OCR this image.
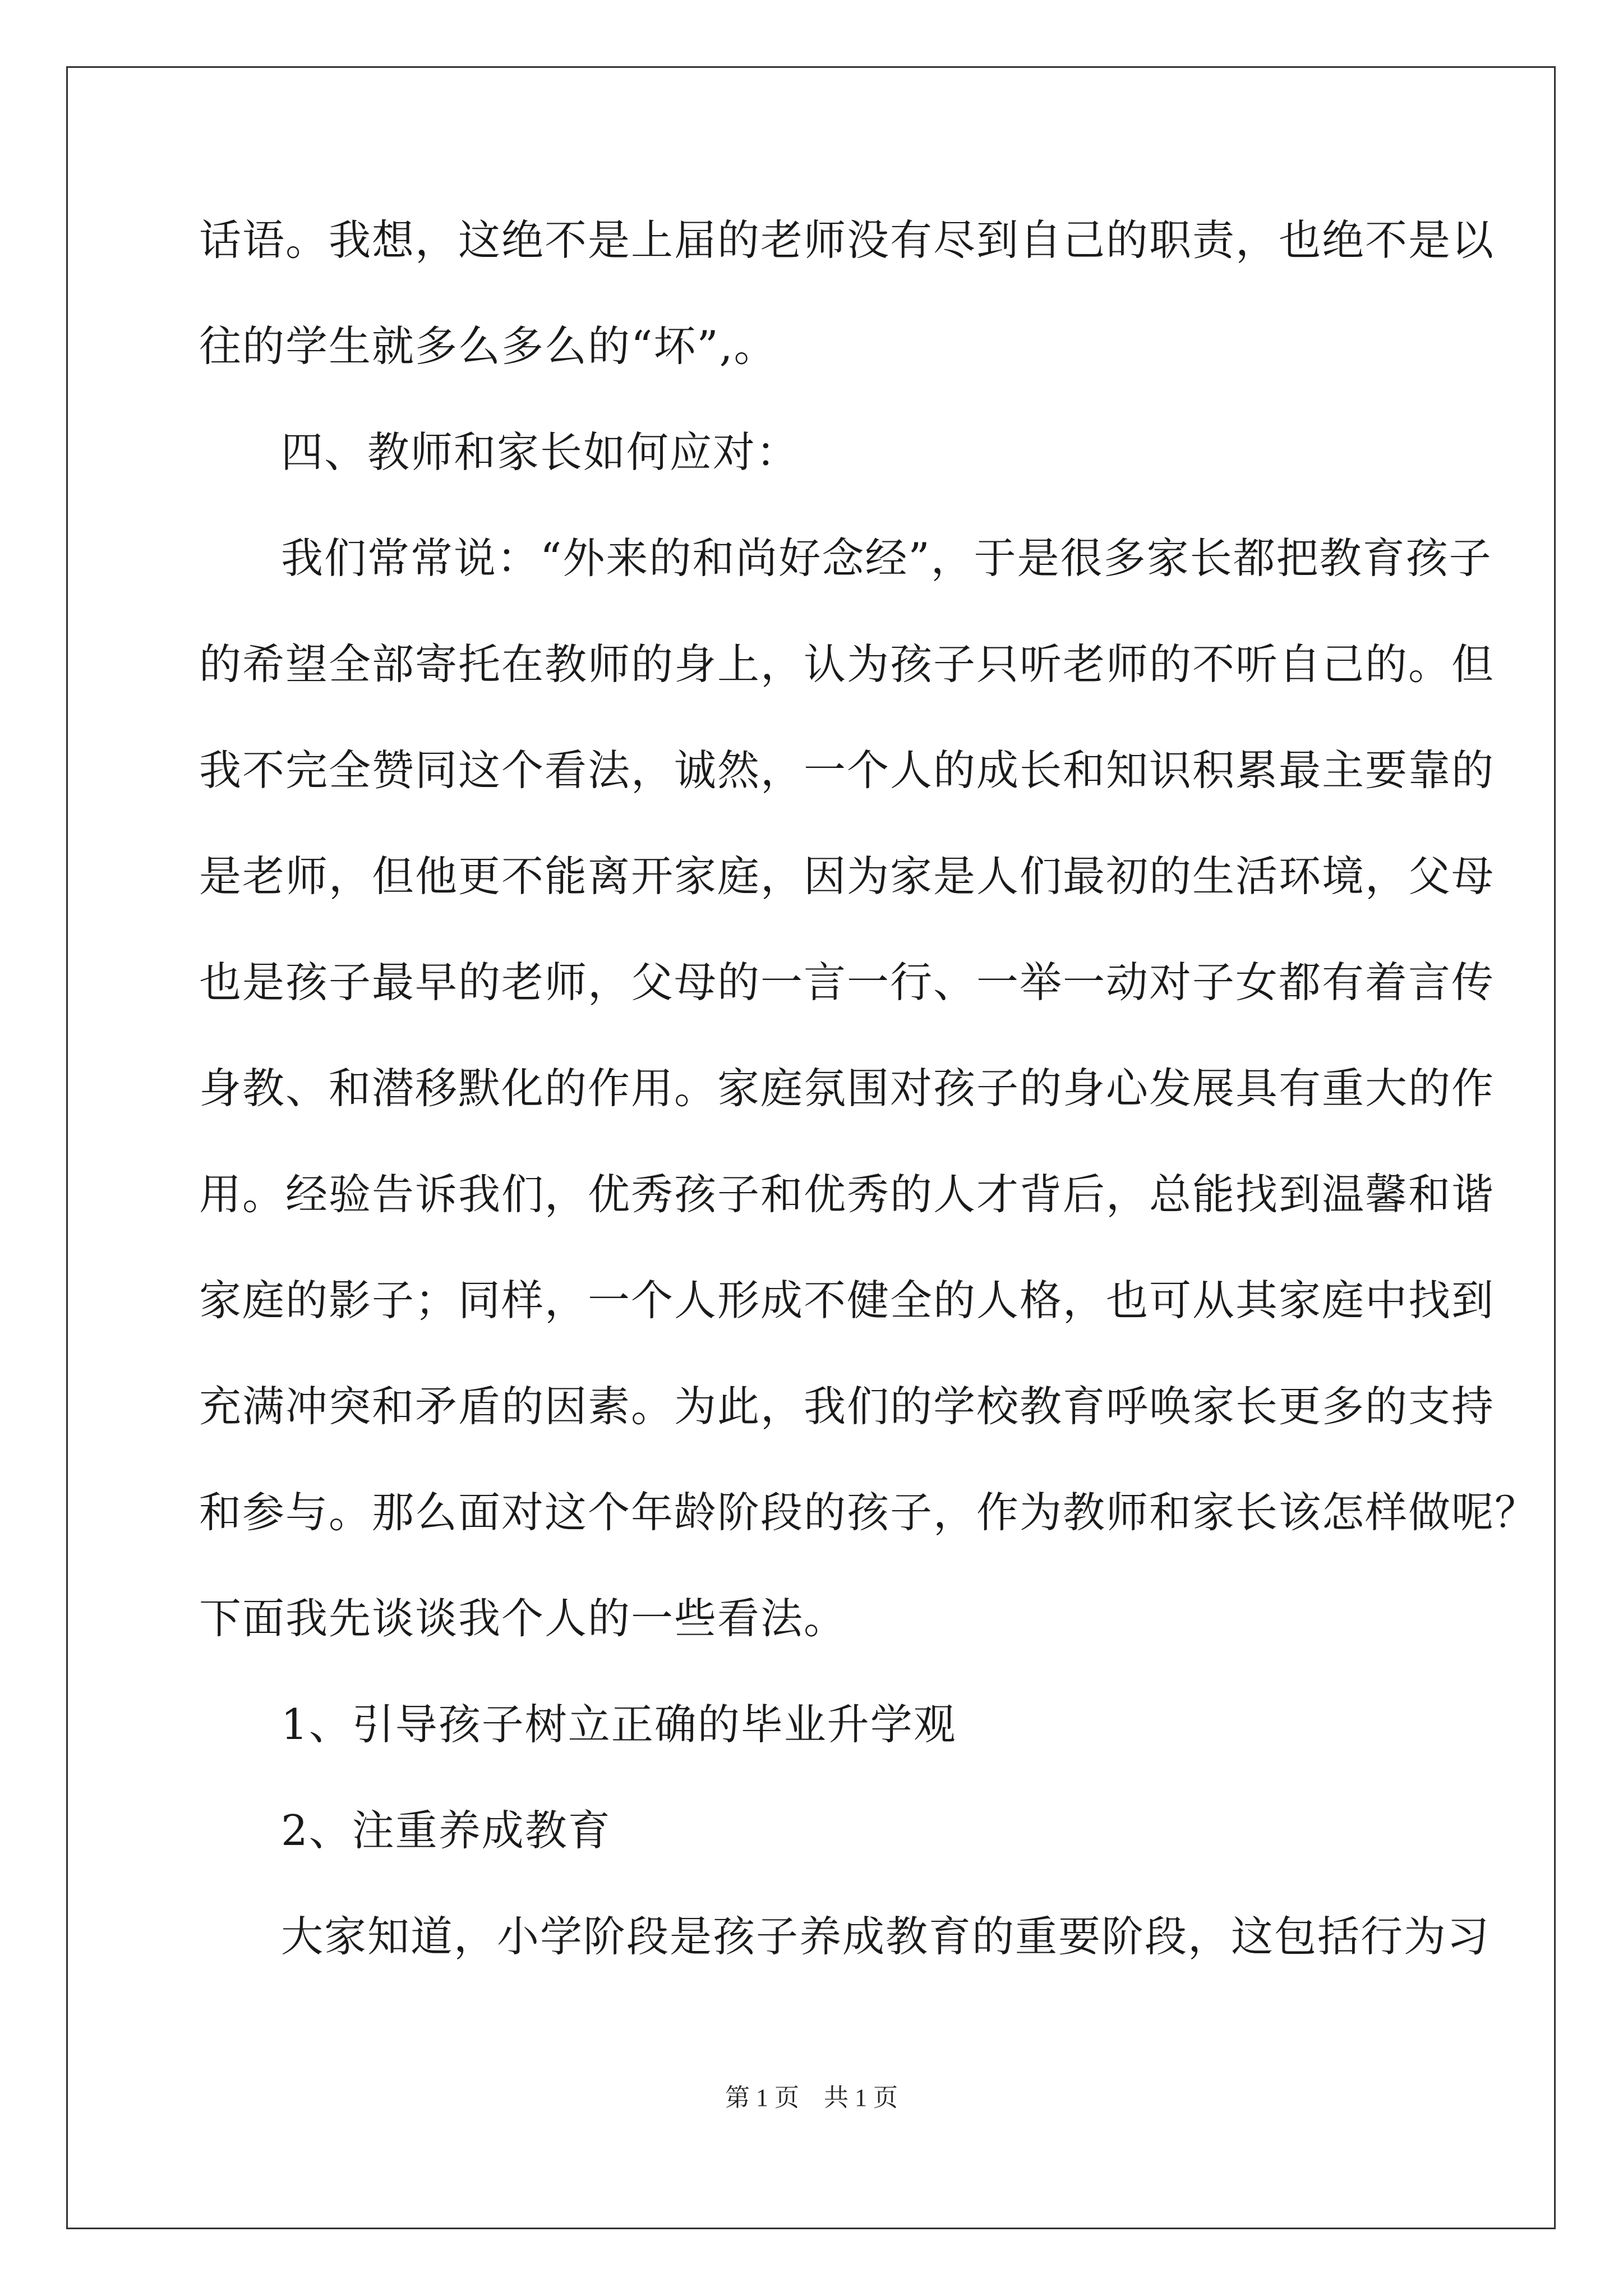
话语。我想，这绝不是上届的老师没有尽到自己的职责，也绝不是以
往的学生就多么多么的“坏”,。
四、教师和家长如何应对：
我们常常说：“外来的和尚好念经”，于是很多家长都把教育孩子
的希望全部寄托在教师的身上，认为孩子只听老师的不听自己的。但
我不完全赞同这个看法，诚然，一个人的成长和知识积累最主要靠的
是老师，但他更不能离开家庭，因为家是人们最初的生活环境，父母
也是孩子最早的老师，父母的一言一行、一举一动对子女都有着言传
身教、和潜移默化的作用。家庭氛围对孩子的身心发展具有重大的作
用。经验告诉我们，优秀孩子和优秀的人才背后，总能找到温馨和谐
家庭的影子；同样，一个人形成不健全的人格，也可从其家庭中找到
充满冲突和矛盾的因素。为此，我们的学校教育呼唤家长更多的支持
和参与。那么面对这个年龄阶段的孩子，作为教师和家长该怎样做呢？
下面我先谈谈我个人的一些看法。
1、引导孩子树立正确的毕业升学观
2、注重养成教育
大家知道，小学阶段是孩子养成教育的重要阶段，这包括行为习
第 1 页　共 1 页
